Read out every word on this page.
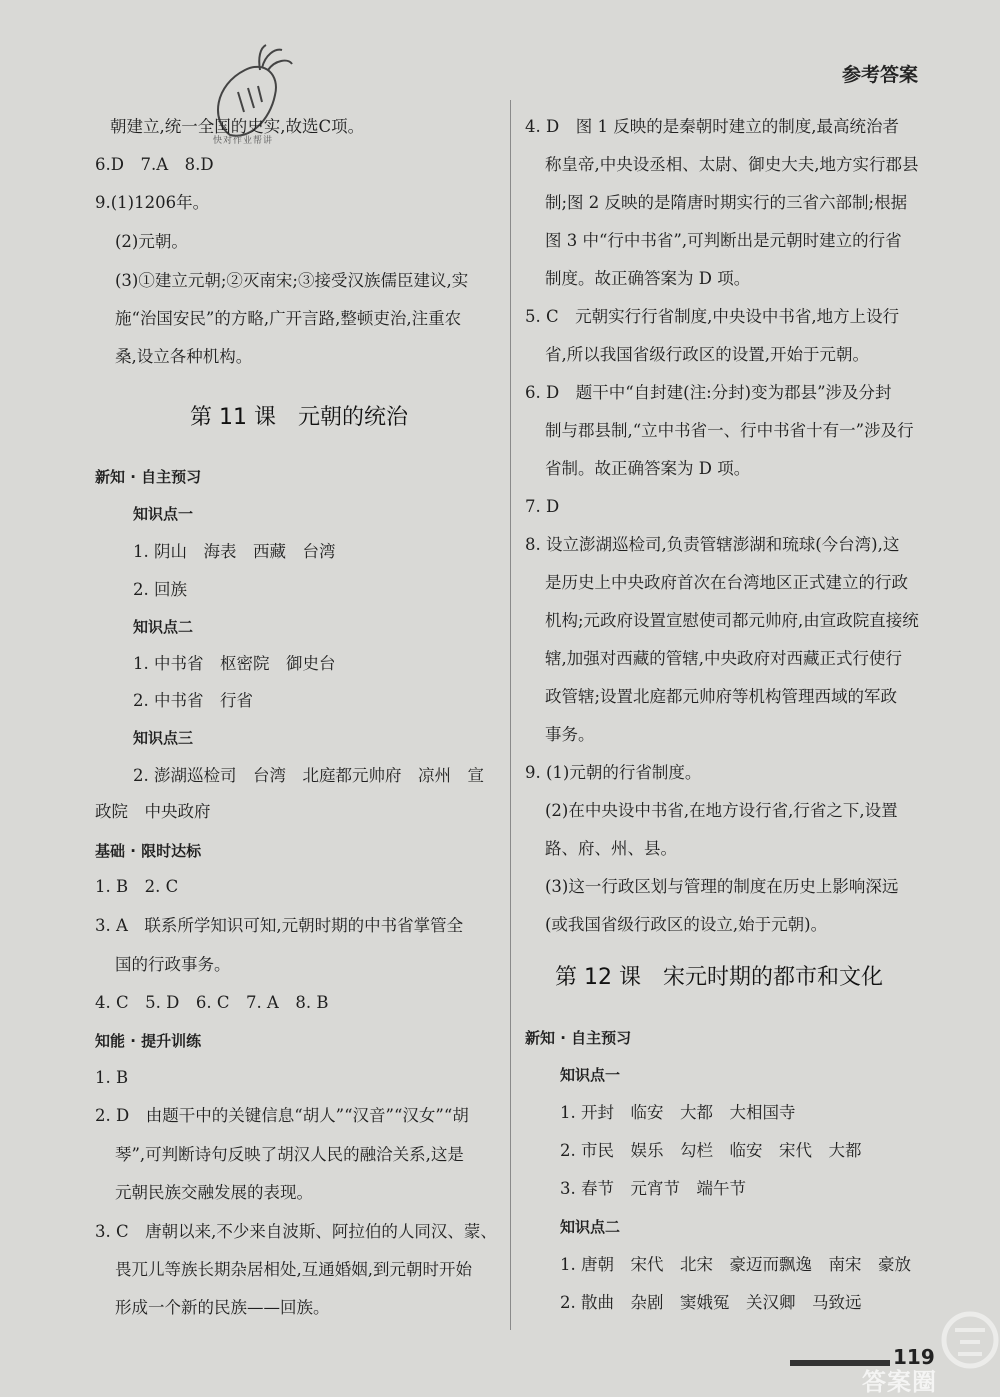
快对作业帮讲
参考答案
朝建立,统一全国的史实,故选C项。
6.D　7.A　8.D
9.(1)1206年。
(2)元朝。
(3)①建立元朝;②灭南宋;③接受汉族儒臣建议,实
施“治国安民”的方略,广开言路,整顿吏治,注重农
桑,设立各种机构。
第 11 课　元朝的统治
新知 · 自主预习
知识点一
1. 阴山　海表　西藏　台湾
2. 回族
知识点二
1. 中书省　枢密院　御史台
2. 中书省　行省
知识点三
2. 澎湖巡检司　台湾　北庭都元帅府　凉州　宣
政院　中央政府
基础 · 限时达标
1. B　2. C
3. A　联系所学知识可知,元朝时期的中书省掌管全
国的行政事务。
4. C　5. D　6. C　7. A　8. B
知能 · 提升训练
1. B
2. D　由题干中的关键信息“胡人”“汉音”“汉女”“胡
琴”,可判断诗句反映了胡汉人民的融洽关系,这是
元朝民族交融发展的表现。
3. C　唐朝以来,不少来自波斯、阿拉伯的人同汉、蒙、
畏兀儿等族长期杂居相处,互通婚姻,到元朝时开始
形成一个新的民族——回族。
4. D　图 1 反映的是秦朝时建立的制度,最高统治者
称皇帝,中央设丞相、太尉、御史大夫,地方实行郡县
制;图 2 反映的是隋唐时期实行的三省六部制;根据
图 3 中“行中书省”,可判断出是元朝时建立的行省
制度。故正确答案为 D 项。
5. C　元朝实行行省制度,中央设中书省,地方上设行
省,所以我国省级行政区的设置,开始于元朝。
6. D　题干中“自封建(注:分封)变为郡县”涉及分封
制与郡县制,“立中书省一、行中书省十有一”涉及行
省制。故正确答案为 D 项。
7. D
8. 设立澎湖巡检司,负责管辖澎湖和琉球(今台湾),这
是历史上中央政府首次在台湾地区正式建立的行政
机构;元政府设置宣慰使司都元帅府,由宣政院直接统
辖,加强对西藏的管辖,中央政府对西藏正式行使行
政管辖;设置北庭都元帅府等机构管理西域的军政
事务。
9. (1)元朝的行省制度。
(2)在中央设中书省,在地方设行省,行省之下,设置
路、府、州、县。
(3)这一行政区划与管理的制度在历史上影响深远
(或我国省级行政区的设立,始于元朝)。
第 12 课　宋元时期的都市和文化
新知 · 自主预习
知识点一
1. 开封　临安　大都　大相国寺
2. 市民　娱乐　勾栏　临安　宋代　大都
3. 春节　元宵节　端午节
知识点二
1. 唐朝　宋代　北宋　豪迈而飘逸　南宋　豪放
2. 散曲　杂剧　窦娥冤　关汉卿　马致远
119
答案圈
